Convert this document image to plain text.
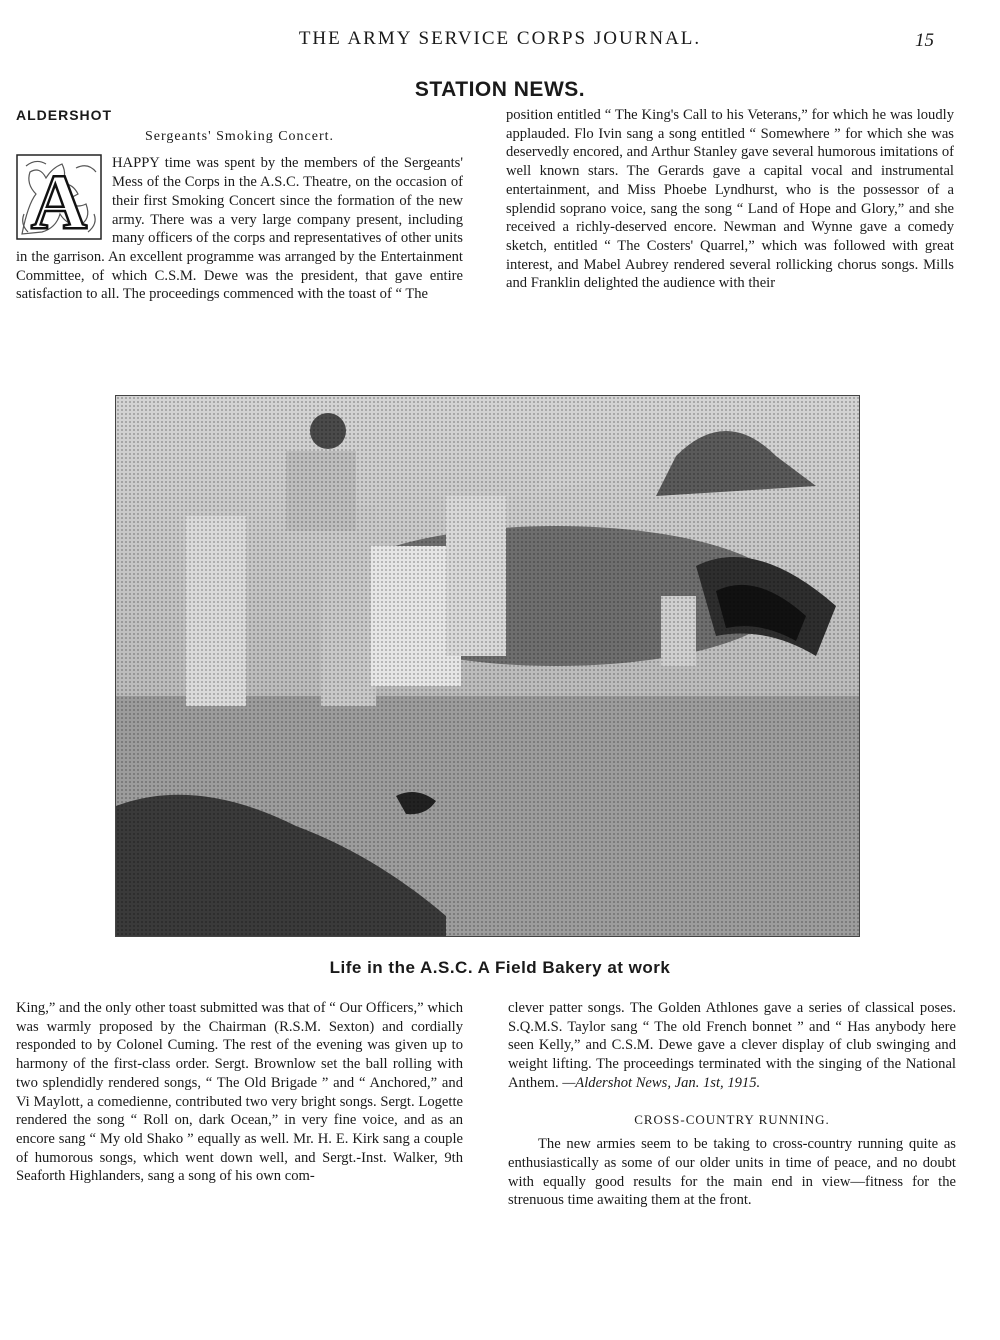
THE ARMY SERVICE CORPS JOURNAL.	15
STATION NEWS.
ALDERSHOT
Sergeants' Smoking Concert.
A	HAPPY time was spent by the members of the Sergeants' Mess of the Corps in the A.S.C. Theatre, on the occasion of their first Smoking Concert since the formation of the new army. There was a very large company present, including many officers of the corps and representatives of other units in the garrison. An excellent programme was arranged by the Entertainment Committee, of which C.S.M. Dewe was the president, that gave entire satisfaction to all. The proceedings commenced with the toast of “ The

position entitled “ The King's Call to his Veterans,” for which he was loudly applauded. Flo Ivin sang a song entitled “ Somewhere ” for which she was deservedly encored, and Arthur Stanley gave several humorous imitations of well known stars. The Gerards gave a capital vocal and instrumental entertainment, and Miss Phoebe Lyndhurst, who is the possessor of a splendid soprano voice, sang the song “ Land of Hope and Glory,” and she received a richly-deserved encore. Newman and Wynne gave a comedy sketch, entitled “ The Costers' Quarrel,” which was followed with great interest, and Mabel Aubrey rendered several rollicking chorus songs. Mills and Franklin delighted the audience with their

Life in the A.S.C. A Field Bakery at work

King,” and the only other toast submitted was that of “ Our Officers,” which was warmly proposed by the Chairman (R.S.M. Sexton) and cordially responded to by Colonel Cuming. The rest of the evening was given up to harmony of the first-class order. Sergt. Brownlow set the ball rolling with two splendidly rendered songs, “ The Old Brigade ” and “ Anchored,” and Vi Maylott, a comedienne, contributed two very bright songs. Sergt. Logette rendered the song “ Roll on, dark Ocean,” in very fine voice, and as an encore sang “ My old Shako ” equally as well. Mr. H. E. Kirk sang a couple of humorous songs, which went down well, and Sergt.-Inst. Walker, 9th Seaforth Highlanders, sang a song of his own com-

clever patter songs. The Golden Athlones gave a series of classical poses. S.Q.M.S. Taylor sang “ The old French bonnet ” and “ Has anybody here seen Kelly,” and C.S.M. Dewe gave a clever display of club swinging and weight lifting. The proceedings terminated with the singing of the National Anthem. —Aldershot News, Jan. 1st, 1915.

CROSS-COUNTRY RUNNING.

The new armies seem to be taking to cross-country running quite as enthusiastically as some of our older units in time of peace, and no doubt with equally good results for the main end in view—fitness for the strenuous time awaiting them at the front.
